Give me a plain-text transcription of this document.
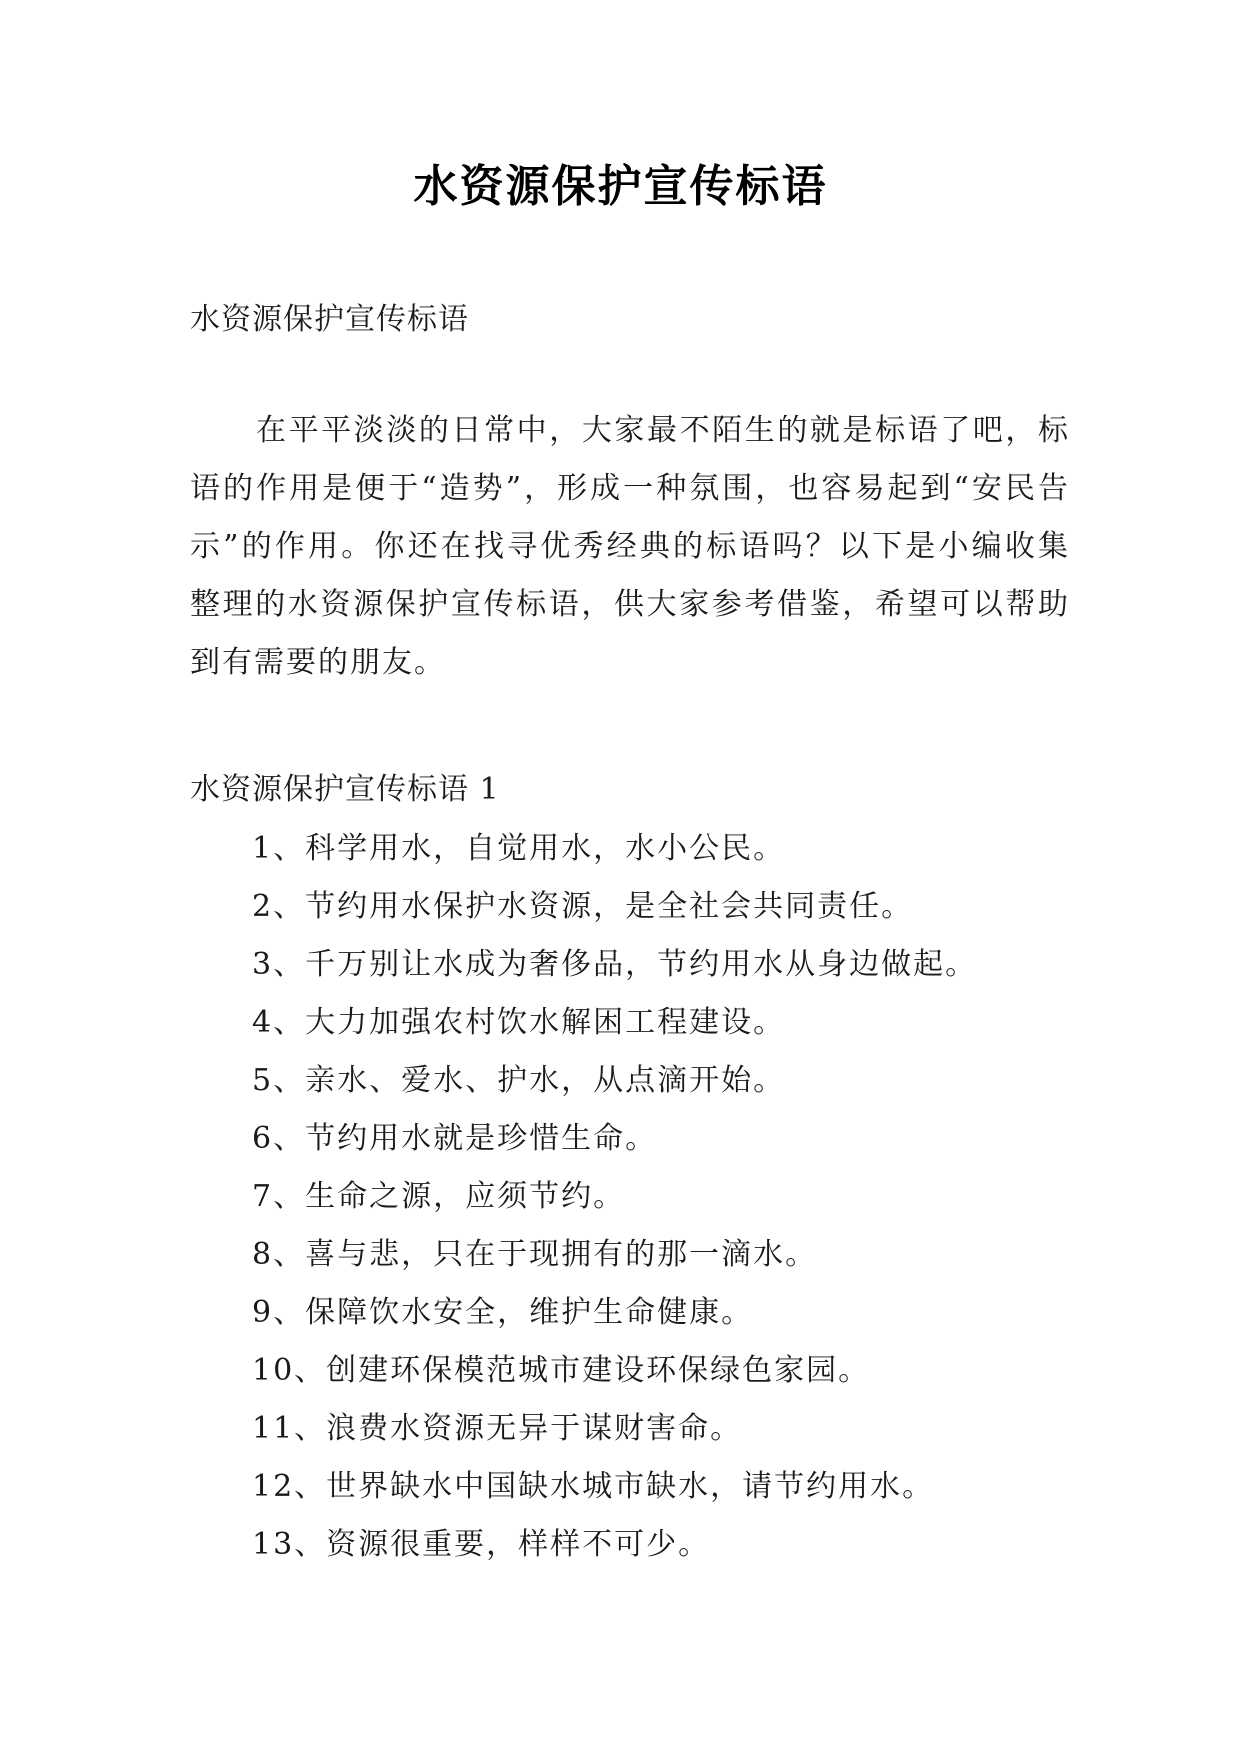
水资源保护宣传标语
水资源保护宣传标语

在平平淡淡的日常中，大家最不陌生的就是标语了吧，标语的作用是便于“造势”，形成一种氛围，也容易起到“安民告示”的作用。你还在找寻优秀经典的标语吗？以下是小编收集整理的水资源保护宣传标语，供大家参考借鉴，希望可以帮助到有需要的朋友。

水资源保护宣传标语 1
1、科学用水，自觉用水，水小公民。
2、节约用水保护水资源，是全社会共同责任。
3、千万别让水成为奢侈品，节约用水从身边做起。
4、大力加强农村饮水解困工程建设。
5、亲水、爱水、护水，从点滴开始。
6、节约用水就是珍惜生命。
7、生命之源，应须节约。
8、喜与悲，只在于现拥有的那一滴水。
9、保障饮水安全，维护生命健康。
10、创建环保模范城市建设环保绿色家园。
11、浪费水资源无异于谋财害命。
12、世界缺水中国缺水城市缺水，请节约用水。
13、资源很重要，样样不可少。
